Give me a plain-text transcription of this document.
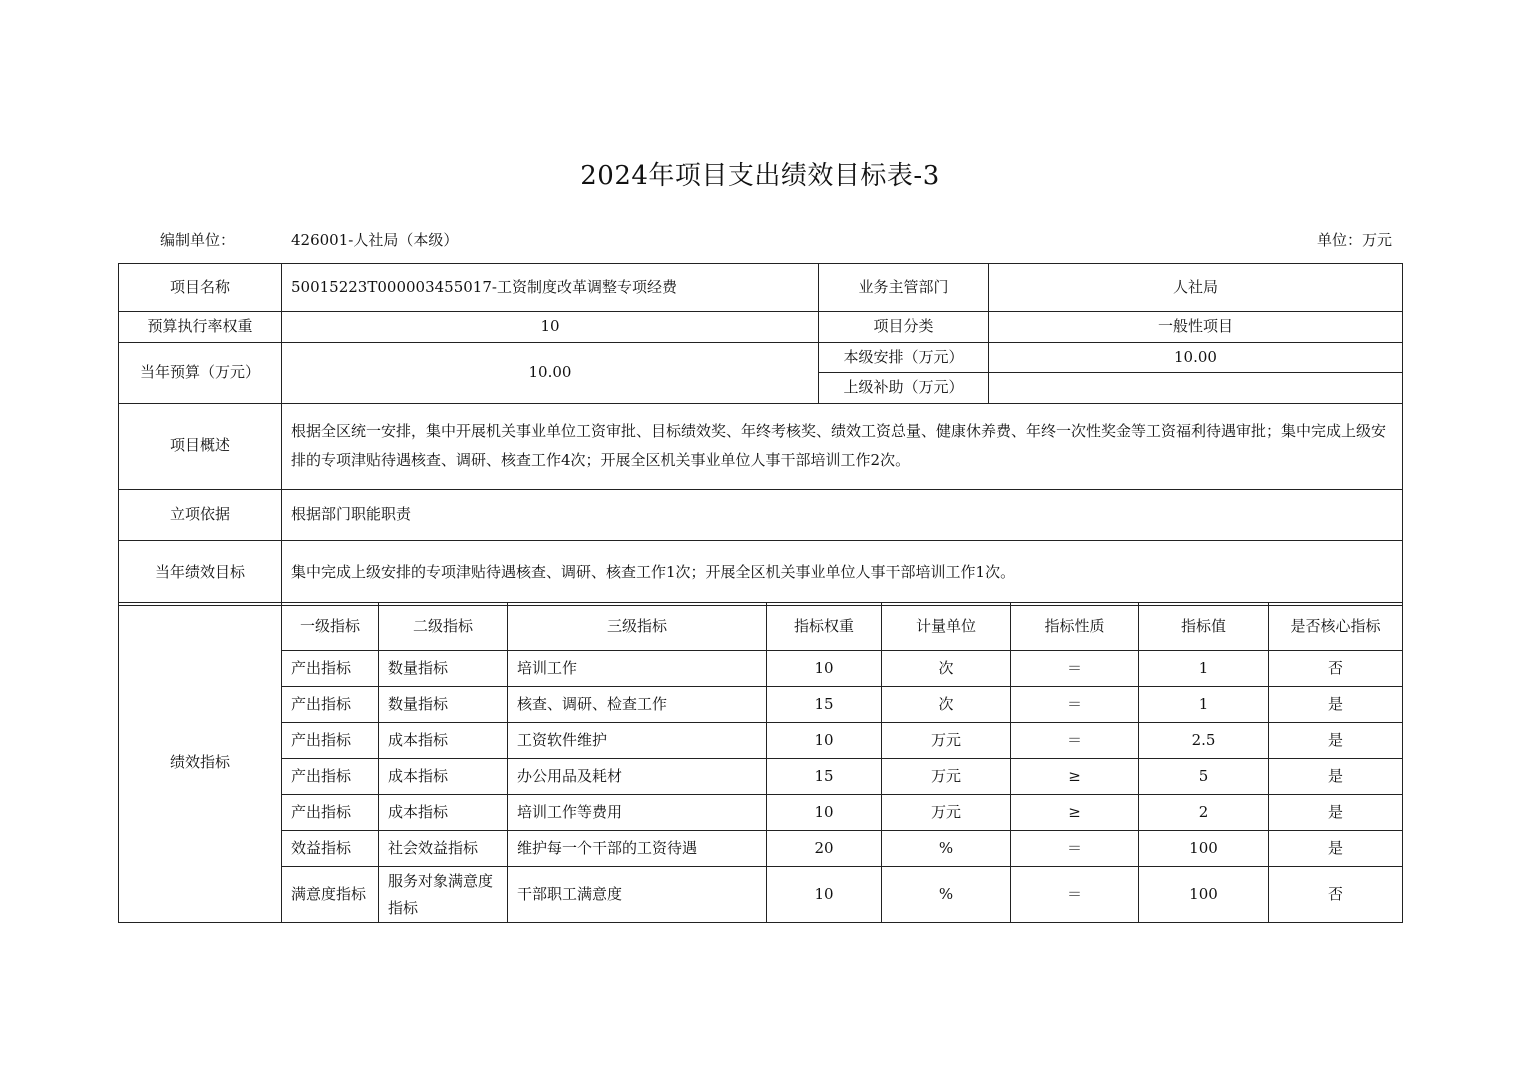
2024年项目支出绩效目标表-3
编制单位：	426001-人社局（本级）	单位：万元
项目名称	50015223T000003455017-工资制度改革调整专项经费	业务主管部门	人社局
预算执行率权重	10	项目分类	一般性项目
当年预算（万元）	10.00	本级安排（万元）	10.00
		上级补助（万元）	
项目概述	根据全区统一安排，集中开展机关事业单位工资审批、目标绩效奖、年终考核奖、绩效工资总量、健康休养费、年终一次性奖金等工资福利待遇审批；集中完成上级安排的专项津贴待遇核查、调研、核查工作4次；开展全区机关事业单位人事干部培训工作2次。		
立项依据	根据部门职能职责		
当年绩效目标	集中完成上级安排的专项津贴待遇核查、调研、核查工作1次；开展全区机关事业单位人事干部培训工作1次。		
绩效指标	一级指标	二级指标	三级指标	指标权重	计量单位	指标性质	指标值	是否核心指标
	产出指标	数量指标	培训工作	10	次	＝	1	否
	产出指标	数量指标	核查、调研、检查工作	15	次	＝	1	是
	产出指标	成本指标	工资软件维护	10	万元	＝	2.5	是
	产出指标	成本指标	办公用品及耗材	15	万元	≥	5	是
	产出指标	成本指标	培训工作等费用	10	万元	≥	2	是
	效益指标	社会效益指标	维护每一个干部的工资待遇	20	%	＝	100	是
	满意度指标	服务对象满意度指标	干部职工满意度	10	%	＝	100	否
